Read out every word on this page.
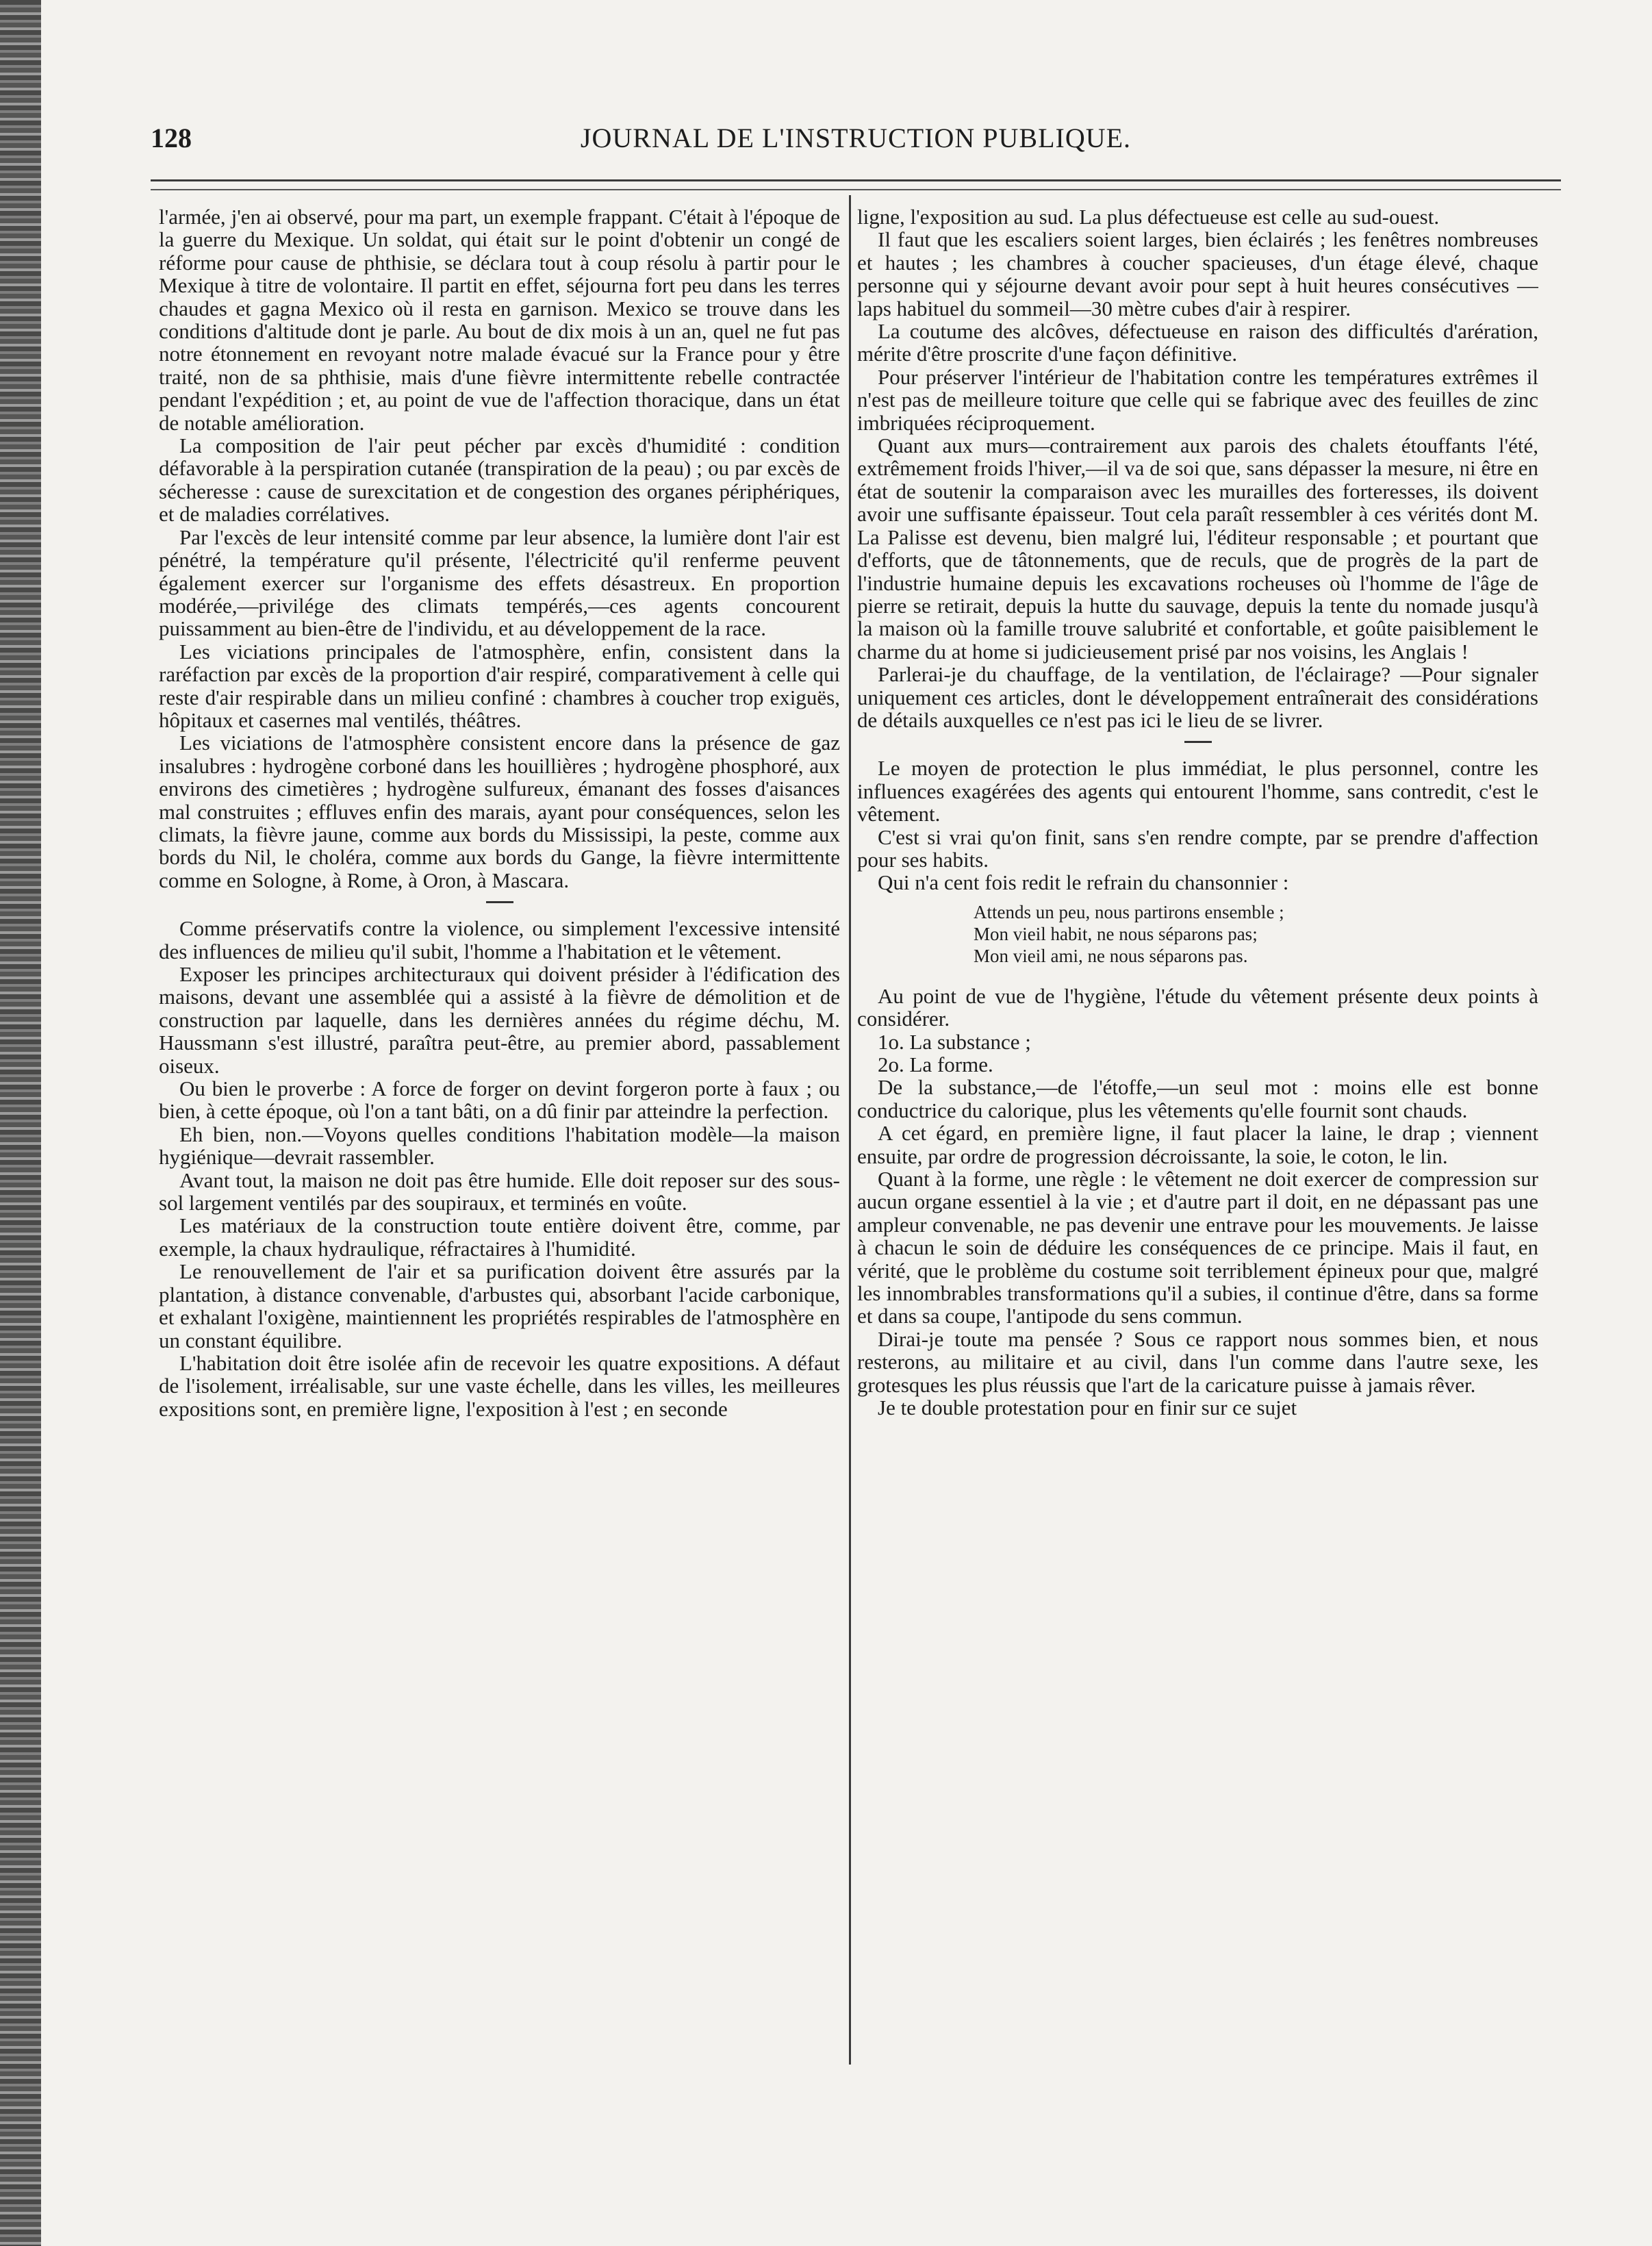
128	JOURNAL DE L'INSTRUCTION PUBLIQUE.

l'armée, j'en ai observé, pour ma part, un exemple frappant. C'était à l'époque de la guerre du Mexique. Un soldat, qui était sur le point d'obtenir un congé de réforme pour cause de phthisie, se déclara tout à coup résolu à partir pour le Mexique à titre de volontaire. Il partit en effet, séjourna fort peu dans les terres chaudes et gagna Mexico où il resta en garnison. Mexico se trouve dans les conditions d'altitude dont je parle. Au bout de dix mois à un an, quel ne fut pas notre étonnement en revoyant notre malade évacué sur la France pour y être traité, non de sa phthisie, mais d'une fièvre intermittente rebelle contractée pendant l'expédition ; et, au point de vue de l'affection thoracique, dans un état de notable amélioration.

La composition de l'air peut pécher par excès d'humidité : condition défavorable à la perspiration cutanée (transpiration de la peau) ; ou par excès de sécheresse : cause de surexcitation et de congestion des organes périphériques, et de maladies corrélatives.

Par l'excès de leur intensité comme par leur absence, la lumière dont l'air est pénétré, la température qu'il présente, l'électricité qu'il renferme peuvent également exercer sur l'organisme des effets désastreux. En proportion modérée,—privilége des climats tempérés,—ces agents concourent puissamment au bien-être de l'individu, et au développement de la race.

Les viciations principales de l'atmosphère, enfin, consistent dans la raréfaction par excès de la proportion d'air respiré, comparativement à celle qui reste d'air respirable dans un milieu confiné : chambres à coucher trop exiguës, hôpitaux et casernes mal ventilés, théâtres.

Les viciations de l'atmosphère consistent encore dans la présence de gaz insalubres : hydrogène corboné dans les houillières ; hydrogène phosphoré, aux environs des cimetières ; hydrogène sulfureux, émanant des fosses d'aisances mal construites ; effluves enfin des marais, ayant pour conséquences, selon les climats, la fièvre jaune, comme aux bords du Mississipi, la peste, comme aux bords du Nil, le choléra, comme aux bords du Gange, la fièvre intermittente comme en Sologne, à Rome, à Oron, à Mascara.

Comme préservatifs contre la violence, ou simplement l'excessive intensité des influences de milieu qu'il subit, l'homme a l'habitation et le vêtement.

Exposer les principes architecturaux qui doivent présider à l'édification des maisons, devant une assemblée qui a assisté à la fièvre de démolition et de construction par laquelle, dans les dernières années du régime déchu, M. Haussmann s'est illustré, paraîtra peut-être, au premier abord, passablement oiseux.

Ou bien le proverbe : A force de forger on devint forgeron porte à faux ; ou bien, à cette époque, où l'on a tant bâti, on a dû finir par atteindre la perfection.

Eh bien, non.—Voyons quelles conditions l'habitation modèle—la maison hygiénique—devrait rassembler.

Avant tout, la maison ne doit pas être humide. Elle doit reposer sur des sous-sol largement ventilés par des soupiraux, et terminés en voûte.

Les matériaux de la construction toute entière doivent être, comme, par exemple, la chaux hydraulique, réfractaires à l'humidité.

Le renouvellement de l'air et sa purification doivent être assurés par la plantation, à distance convenable, d'arbustes qui, absorbant l'acide carbonique, et exhalant l'oxigène, maintiennent les propriétés respirables de l'atmosphère en un constant équilibre.

L'habitation doit être isolée afin de recevoir les quatre expositions. A défaut de l'isolement, irréalisable, sur une vaste échelle, dans les villes, les meilleures expositions sont, en première ligne, l'exposition à l'est ; en seconde

ligne, l'exposition au sud. La plus défectueuse est celle au sud-ouest.

Il faut que les escaliers soient larges, bien éclairés ; les fenêtres nombreuses et hautes ; les chambres à coucher spacieuses, d'un étage élevé, chaque personne qui y séjourne devant avoir pour sept à huit heures consécutives —laps habituel du sommeil—30 mètre cubes d'air à respirer.

La coutume des alcôves, défectueuse en raison des difficultés d'arération, mérite d'être proscrite d'une façon définitive.

Pour préserver l'intérieur de l'habitation contre les températures extrêmes il n'est pas de meilleure toiture que celle qui se fabrique avec des feuilles de zinc imbriquées réciproquement.

Quant aux murs—contrairement aux parois des chalets étouffants l'été, extrêmement froids l'hiver,—il va de soi que, sans dépasser la mesure, ni être en état de soutenir la comparaison avec les murailles des forteresses, ils doivent avoir une suffisante épaisseur. Tout cela paraît ressembler à ces vérités dont M. La Palisse est devenu, bien malgré lui, l'éditeur responsable ; et pourtant que d'efforts, que de tâtonnements, que de reculs, que de progrès de la part de l'industrie humaine depuis les excavations rocheuses où l'homme de l'âge de pierre se retirait, depuis la hutte du sauvage, depuis la tente du nomade jusqu'à la maison où la famille trouve salubrité et confortable, et goûte paisiblement le charme du at home si judicieusement prisé par nos voisins, les Anglais !

Parlerai-je du chauffage, de la ventilation, de l'éclairage? —Pour signaler uniquement ces articles, dont le développement entraînerait des considérations de détails auxquelles ce n'est pas ici le lieu de se livrer.

Le moyen de protection le plus immédiat, le plus personnel, contre les influences exagérées des agents qui entourent l'homme, sans contredit, c'est le vêtement.

C'est si vrai qu'on finit, sans s'en rendre compte, par se prendre d'affection pour ses habits.

Qui n'a cent fois redit le refrain du chansonnier :

Attends un peu, nous partirons ensemble ;
Mon vieil habit, ne nous séparons pas;
Mon vieil ami, ne nous séparons pas.

Au point de vue de l'hygiène, l'étude du vêtement présente deux points à considérer.

1o. La substance ;

2o. La forme.

De la substance,—de l'étoffe,—un seul mot : moins elle est bonne conductrice du calorique, plus les vêtements qu'elle fournit sont chauds.

A cet égard, en première ligne, il faut placer la laine, le drap ; viennent ensuite, par ordre de progression décroissante, la soie, le coton, le lin.

Quant à la forme, une règle : le vêtement ne doit exercer de compression sur aucun organe essentiel à la vie ; et d'autre part il doit, en ne dépassant pas une ampleur convenable, ne pas devenir une entrave pour les mouvements. Je laisse à chacun le soin de déduire les conséquences de ce principe. Mais il faut, en vérité, que le problème du costume soit terriblement épineux pour que, malgré les innombrables transformations qu'il a subies, il continue d'être, dans sa forme et dans sa coupe, l'antipode du sens commun.

Dirai-je toute ma pensée ? Sous ce rapport nous sommes bien, et nous resterons, au militaire et au civil, dans l'un comme dans l'autre sexe, les grotesques les plus réussis que l'art de la caricature puisse à jamais rêver.

Je te double protestation pour en finir sur ce sujet
